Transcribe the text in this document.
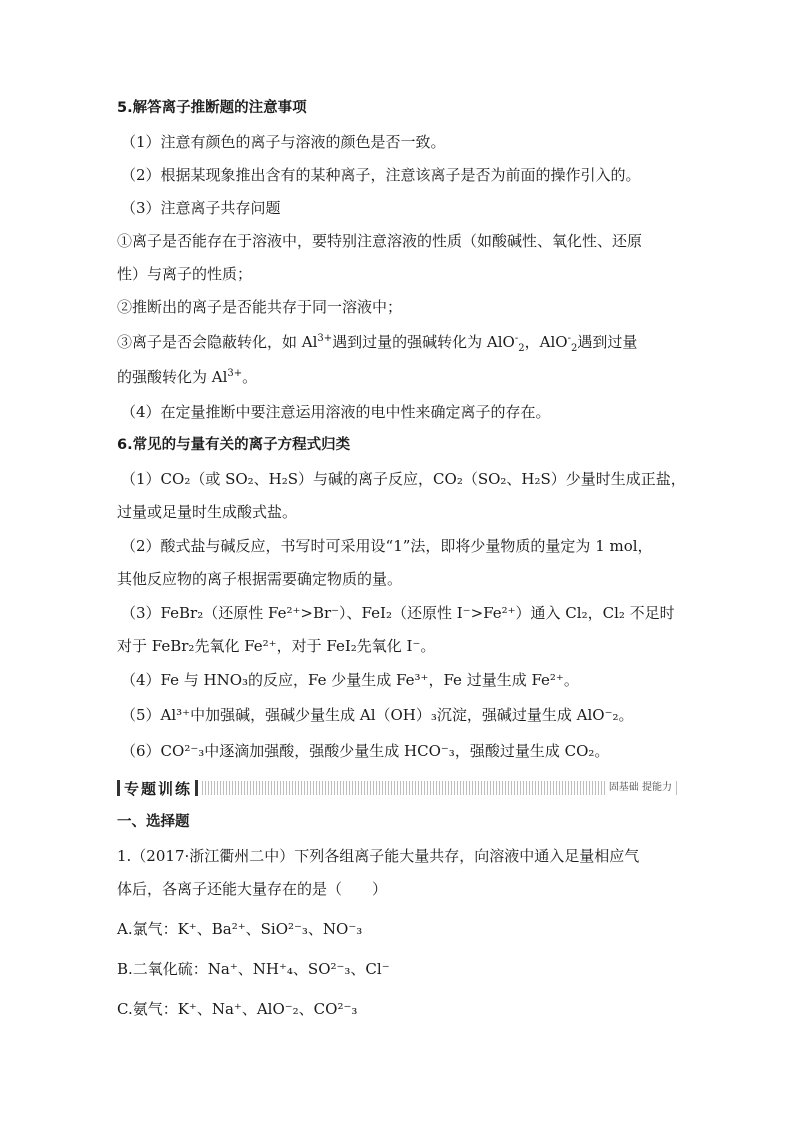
5.解答离子推断题的注意事项
（1）注意有颜色的离子与溶液的颜色是否一致。
（2）根据某现象推出含有的某种离子，注意该离子是否为前面的操作引入的。
（3）注意离子共存问题
①离子是否能存在于溶液中，要特别注意溶液的性质（如酸碱性、氧化性、还原
性）与离子的性质；
②推断出的离子是否能共存于同一溶液中；
③离子是否会隐蔽转化，如 $Al^{3+}$遇到过量的强碱转化为 AlO-$_2$，AlO-$_2$遇到过量
的强酸转化为 $Al^{3+}$。
（4）在定量推断中要注意运用溶液的电中性来确定离子的存在。
6.常见的与量有关的离子方程式归类
（1）CO₂（或 SO₂、H₂S）与碱的离子反应，CO₂（SO₂、H₂S）少量时生成正盐，
过量或足量时生成酸式盐。
（2）酸式盐与碱反应，书写时可采用设“1”法，即将少量物质的量定为 1 mol，
其他反应物的离子根据需要确定物质的量。
（3）FeBr₂（还原性 Fe²⁺>Br⁻）、FeI₂（还原性 I⁻>Fe²⁺）通入 Cl₂，Cl₂ 不足时
对于 FeBr₂先氧化 Fe²⁺，对于 FeI₂先氧化 I⁻。
（4）Fe 与 HNO₃的反应，Fe 少量生成 Fe³⁺，Fe 过量生成 Fe²⁺。
（5）Al³⁺中加强碱，强碱少量生成 Al（OH）₃沉淀，强碱过量生成 AlO⁻₂。
（6）CO²⁻₃中逐滴加强酸，强酸少量生成 HCO⁻₃，强酸过量生成 CO₂。
专题训练	固基础 提能力
一、选择题
1.（2017·浙江衢州二中）下列各组离子能大量共存，向溶液中通入足量相应气
体后，各离子还能大量存在的是（　　）
A.氯气：K⁺、Ba²⁺、SiO²⁻₃、NO⁻₃
B.二氧化硫：Na⁺、NH⁺₄、SO²⁻₃、Cl⁻
C.氨气：K⁺、Na⁺、AlO⁻₂、CO²⁻₃
